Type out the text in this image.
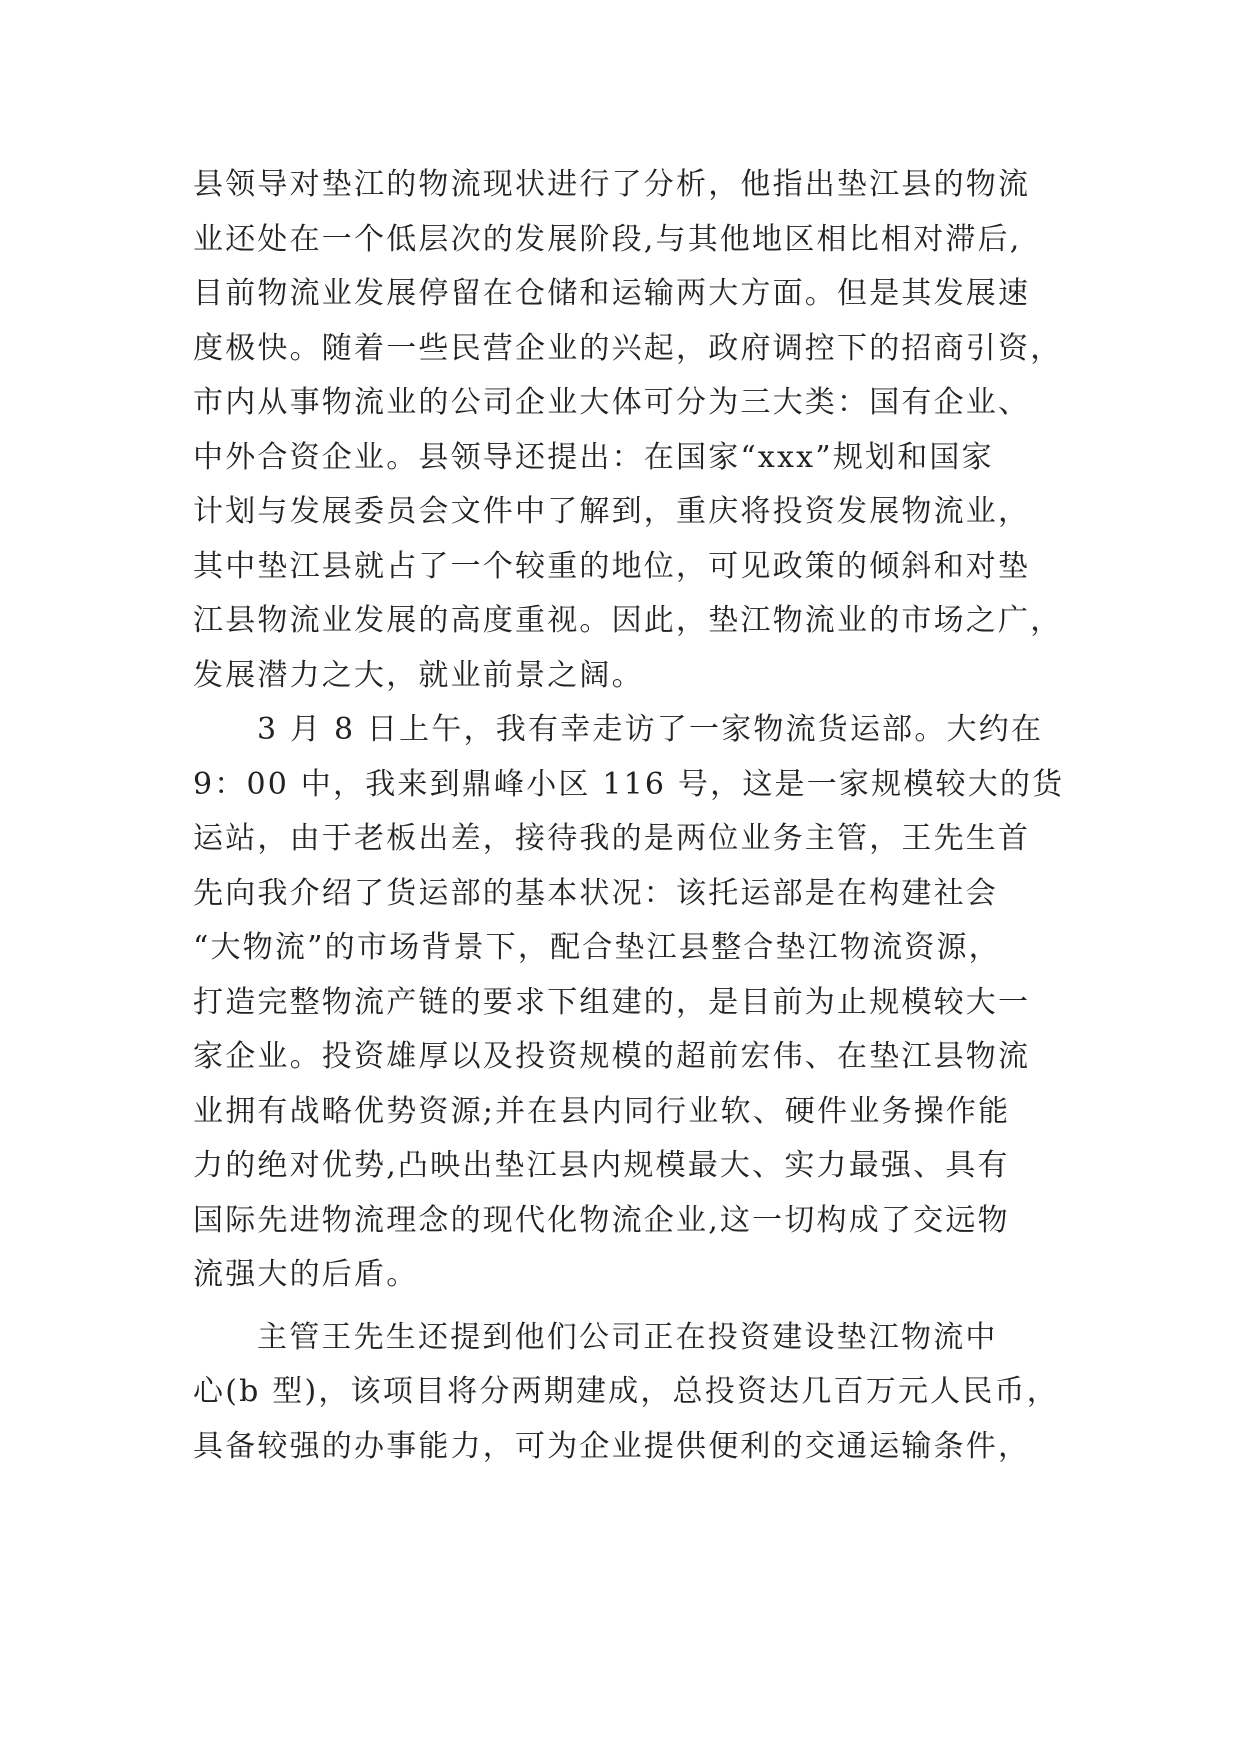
县领导对垫江的物流现状进行了分析，他指出垫江县的物流
业还处在一个低层次的发展阶段,与其他地区相比相对滞后,
目前物流业发展停留在仓储和运输两大方面。但是其发展速
度极快。随着一些民营企业的兴起，政府调控下的招商引资，
市内从事物流业的公司企业大体可分为三大类：国有企业、
中外合资企业。县领导还提出：在国家“xxx”规划和国家
计划与发展委员会文件中了解到，重庆将投资发展物流业，
其中垫江县就占了一个较重的地位，可见政策的倾斜和对垫
江县物流业发展的高度重视。因此，垫江物流业的市场之广，
发展潜力之大，就业前景之阔。
3 月 8 日上午，我有幸走访了一家物流货运部。大约在
9：00 中，我来到鼎峰小区 116 号，这是一家规模较大的货
运站，由于老板出差，接待我的是两位业务主管，王先生首
先向我介绍了货运部的基本状况：该托运部是在构建社会
“大物流”的市场背景下，配合垫江县整合垫江物流资源，
打造完整物流产链的要求下组建的，是目前为止规模较大一
家企业。投资雄厚以及投资规模的超前宏伟、在垫江县物流
业拥有战略优势资源;并在县内同行业软、硬件业务操作能
力的绝对优势,凸映出垫江县内规模最大、实力最强、具有
国际先进物流理念的现代化物流企业,这一切构成了交远物
流强大的后盾。
主管王先生还提到他们公司正在投资建设垫江物流中
心(b 型)，该项目将分两期建成，总投资达几百万元人民币，
具备较强的办事能力，可为企业提供便利的交通运输条件，
